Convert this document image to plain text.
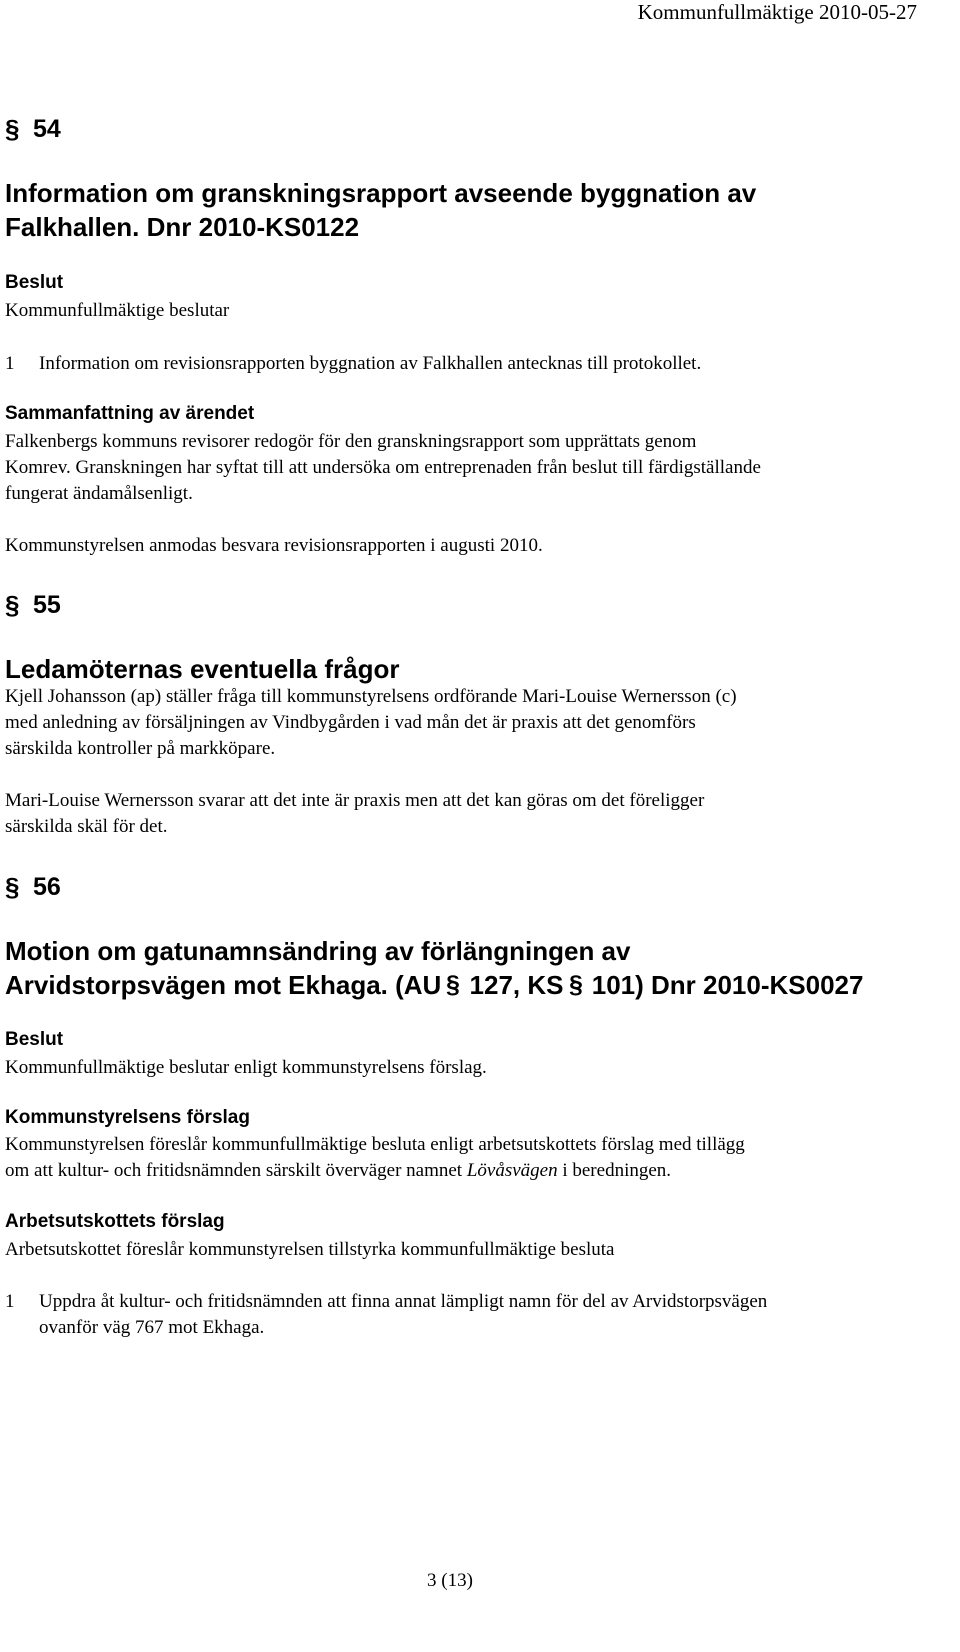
Kommunfullmäktige 2010-05-27
§ 54
Information om granskningsrapport avseende byggnation av
Falkhallen. Dnr 2010-KS0122
Beslut
Kommunfullmäktige beslutar
1	Information om revisionsrapporten byggnation av Falkhallen antecknas till protokollet.
Sammanfattning av ärendet
Falkenbergs kommuns revisorer redogör för den granskningsrapport som upprättats genom
Komrev. Granskningen har syftat till att undersöka om entreprenaden från beslut till färdigställande
fungerat ändamålsenligt.
Kommunstyrelsen anmodas besvara revisionsrapporten i augusti 2010.
§ 55
Ledamöternas eventuella frågor
Kjell Johansson (ap) ställer fråga till kommunstyrelsens ordförande Mari-Louise Wernersson (c)
med anledning av försäljningen av Vindbygården i vad mån det är praxis att det genomförs
särskilda kontroller på markköpare.
Mari-Louise Wernersson svarar att det inte är praxis men att det kan göras om det föreligger
särskilda skäl för det.
§ 56
Motion om gatunamnsändring av förlängningen av
Arvidstorpsvägen mot Ekhaga. (AU § 127, KS § 101) Dnr 2010-KS0027
Beslut
Kommunfullmäktige beslutar enligt kommunstyrelsens förslag.
Kommunstyrelsens förslag
Kommunstyrelsen föreslår kommunfullmäktige besluta enligt arbetsutskottets förslag med tillägg
om att kultur- och fritidsnämnden särskilt överväger namnet Lövåsvägen i beredningen.
Arbetsutskottets förslag
Arbetsutskottet föreslår kommunstyrelsen tillstyrka kommunfullmäktige besluta
1	Uppdra åt kultur- och fritidsnämnden att finna annat lämpligt namn för del av Arvidstorpsvägen
ovanför väg 767 mot Ekhaga.
3 (13)
